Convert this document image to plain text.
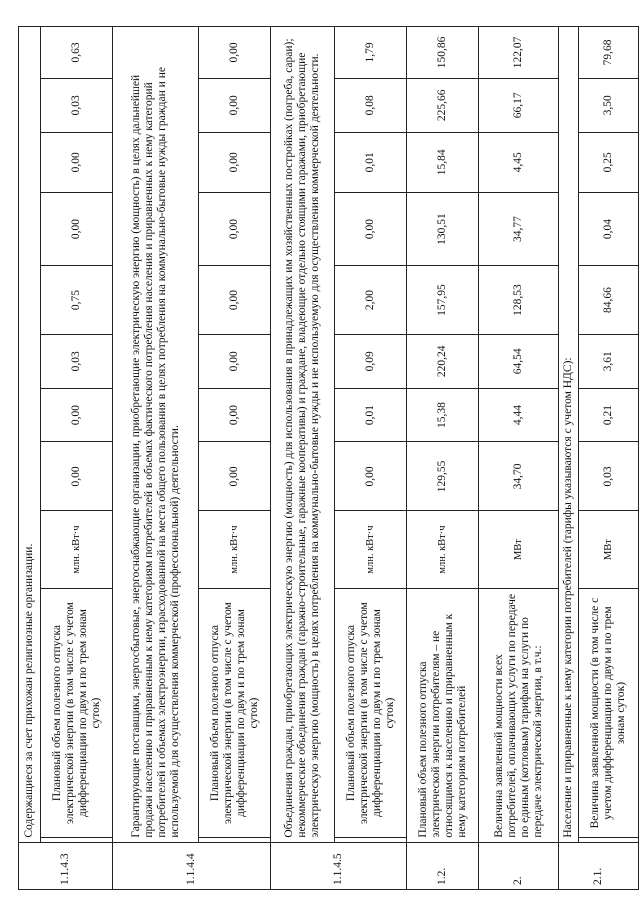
1.1.4.3	Содержащиеся за счет прихожан религиозные организации.										
		Плановый объем полезного отпуска электрической энергии (в том числе с учетом дифференциации по двум и по трем зонам суток)	млн. кВт·ч	0,00	0,00	0,03	0,75	0,00	0,00	0,03	0,63
1.1.4.4	Гарантирующие поставщики, энергосбытовые, энергоснабжающие организации, приобретающие электрическую энергию (мощность) в целях дальнейшей продажи населению и приравненным к нему категориям потребителей в объемах фактического потребления населения и приравненных к нему категорий потребителей и объемах электроэнергии, израсходованной на места общего пользования в целях потребления на коммунально-бытовые нужды граждан и не используемой для осуществления коммерческой (профессиональной) деятельности.										
		Плановый объем полезного отпуска электрической энергии (в том числе с учетом дифференциации по двум и по трем зонам суток)	млн. кВт·ч	0,00	0,00	0,00	0,00	0,00	0,00	0,00	0,00
1.1.4.5	Объединения граждан, приобретающих электрическую энергию (мощность) для использования в принадлежащих им хозяйственных постройках (погреба, сараи); некоммерческие объединения граждан (гаражно-строительные, гаражные кооперативы) и граждане, владеющие отдельно стоящими гаражами, приобретающие электрическую энергию (мощность) в целях потребления на коммунально-бытовые нужды и не используемую для осуществления коммерческой деятельности.										
		Плановый объем полезного отпуска электрической энергии (в том числе с учетом дифференциации по двум и по трем зонам суток)	млн. кВт·ч	0,00	0,01	0,09	2,00	0,00	0,01	0,08	1,79
1.2.	Плановый объем полезного отпуска электрической энергии потребителям – не относящимся к населению и приравненным к нему категориям потребителей		млн. кВт·ч	129,55	15,38	220,24	157,95	130,51	15,84	225,66	150,86
2.	Величина заявленной мощности всех потребителей, оплачивающих услуги по передаче по единым (котловым) тарифам на услуги по передаче электрической энергии, в т.ч.:		МВт	34,70	4,44	64,54	128,53	34,77	4,45	66,17	122,07
2.1.	Население и приравненные к нему категории потребителей (тарифы указываются с учетом НДС):										
		Величина заявленной мощности (в том числе с учетом дифференциации по двум и по трем зонам суток)	МВт	0,03	0,21	3,61	84,66	0,04	0,25	3,50	79,68
